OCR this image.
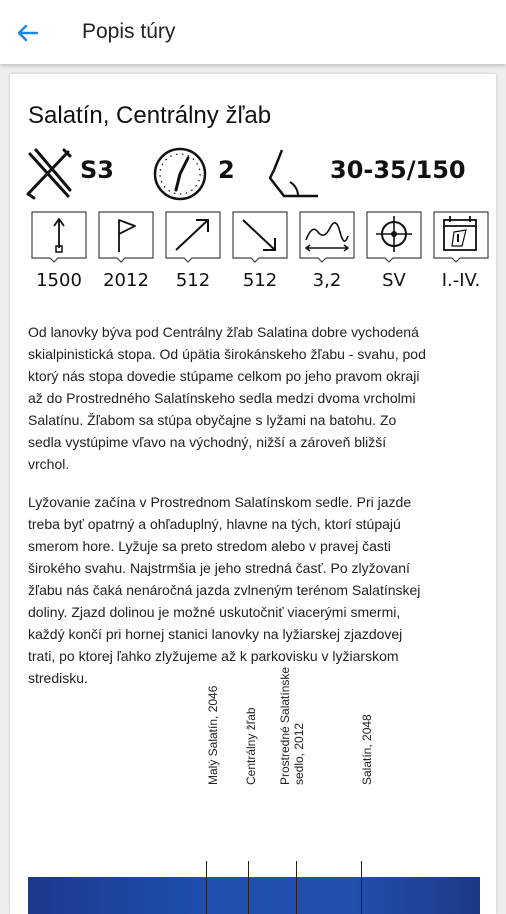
Popis túry
Salatín, Centrálny žľab
S3	2	30-35/150
1500	2012	512	512	3,2	SV	I.-IV.

Od lanovky býva pod Centrálny žľab Salatina dobre vychodená
skialpinistická stopa. Od úpätia širokánskeho žľabu - svahu, pod
ktorý nás stopa dovedie stúpame celkom po jeho pravom okraji
až do Prostredného Salatínskeho sedla medzi dvoma vrcholmi
Salatínu. Žľabom sa stúpa obyčajne s lyžami na batohu. Zo
sedla vystúpime vľavo na východný, nižší a zároveň bližší
vrchol.

Lyžovanie začína v Prostrednom Salatínskom sedle. Pri jazde
treba byť opatrný a ohľaduplný, hlavne na tých, ktorí stúpajú
smerom hore. Lyžuje sa preto stredom alebo v pravej časti
širokého svahu. Najstrmšia je jeho stredná časť. Po zlyžovaní
žľabu nás čaká nenáročná jazda zvlneným terénom Salatínskej
doliny. Zjazd dolinou je možné uskutočniť viacerými smermi,
každý končí pri hornej stanici lanovky na lyžiarskej zjazdovej
trati, po ktorej ľahko zlyžujeme až k parkovisku v lyžiarskom
stredisku.

Malý Salatín, 2046 Centrálny žľab Prostredné Salatínske
sedlo, 2012	Salatín, 2048
